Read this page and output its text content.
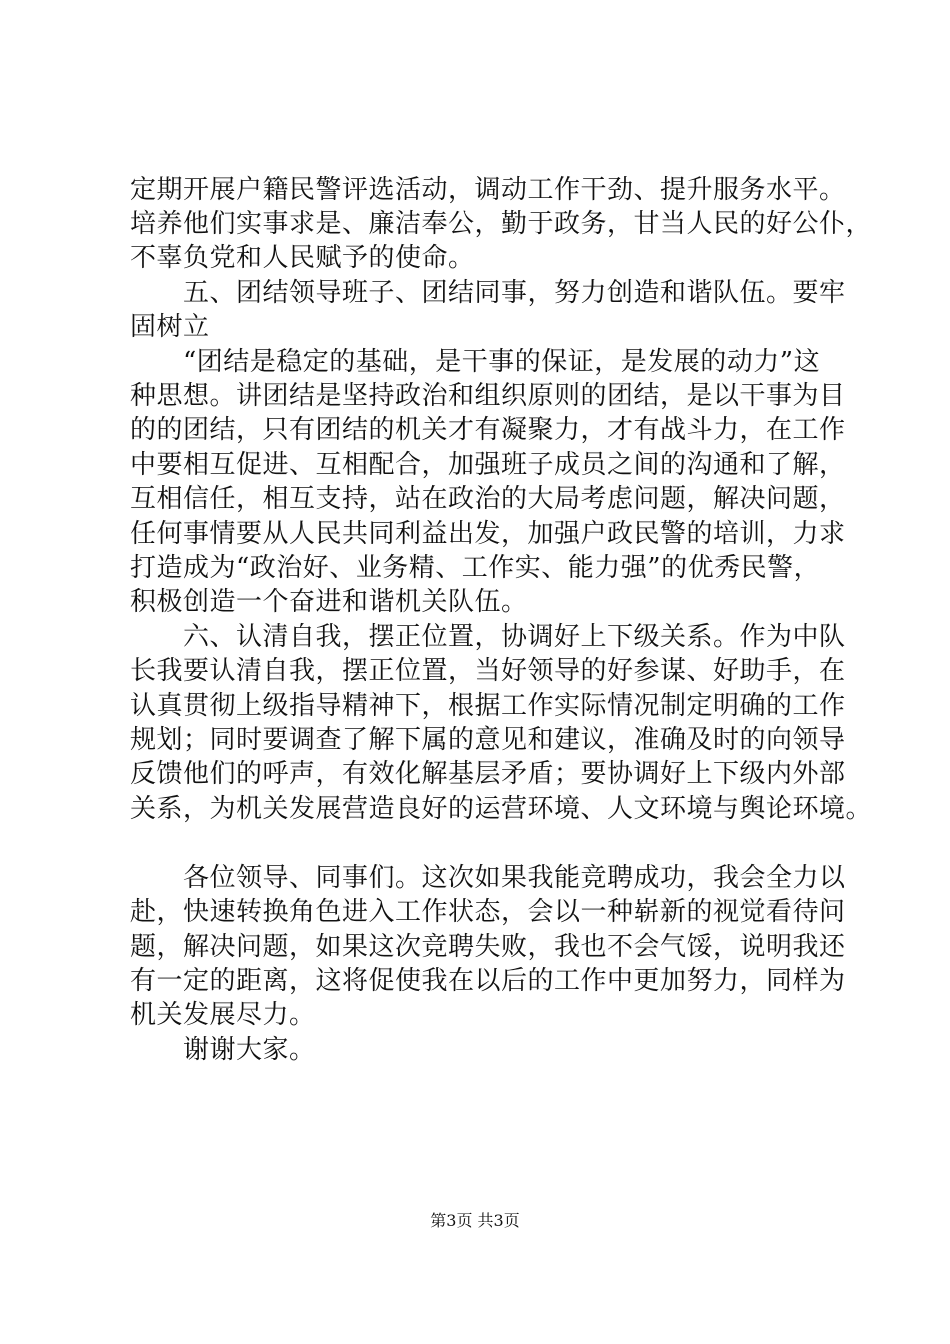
定期开展户籍民警评选活动，调动工作干劲、提升服务水平。
培养他们实事求是、廉洁奉公，勤于政务，甘当人民的好公仆，
不辜负党和人民赋予的使命。
　　五、团结领导班子、团结同事，努力创造和谐队伍。要牢
固树立
　　“团结是稳定的基础，是干事的保证，是发展的动力”这
种思想。讲团结是坚持政治和组织原则的团结，是以干事为目
的的团结，只有团结的机关才有凝聚力，才有战斗力，在工作
中要相互促进、互相配合，加强班子成员之间的沟通和了解，
互相信任，相互支持，站在政治的大局考虑问题，解决问题，
任何事情要从人民共同利益出发，加强户政民警的培训，力求
打造成为“政治好、业务精、工作实、能力强”的优秀民警，
积极创造一个奋进和谐机关队伍。
　　六、认清自我，摆正位置，协调好上下级关系。作为中队
长我要认清自我，摆正位置，当好领导的好参谋、好助手，在
认真贯彻上级指导精神下，根据工作实际情况制定明确的工作
规划；同时要调查了解下属的意见和建议，准确及时的向领导
反馈他们的呼声，有效化解基层矛盾；要协调好上下级内外部
关系，为机关发展营造良好的运营环境、人文环境与舆论环境。
　　各位领导、同事们。这次如果我能竞聘成功，我会全力以
赴，快速转换角色进入工作状态，会以一种崭新的视觉看待问
题，解决问题，如果这次竞聘失败，我也不会气馁，说明我还
有一定的距离，这将促使我在以后的工作中更加努力，同样为
机关发展尽力。
　　谢谢大家。
第3页 共3页
